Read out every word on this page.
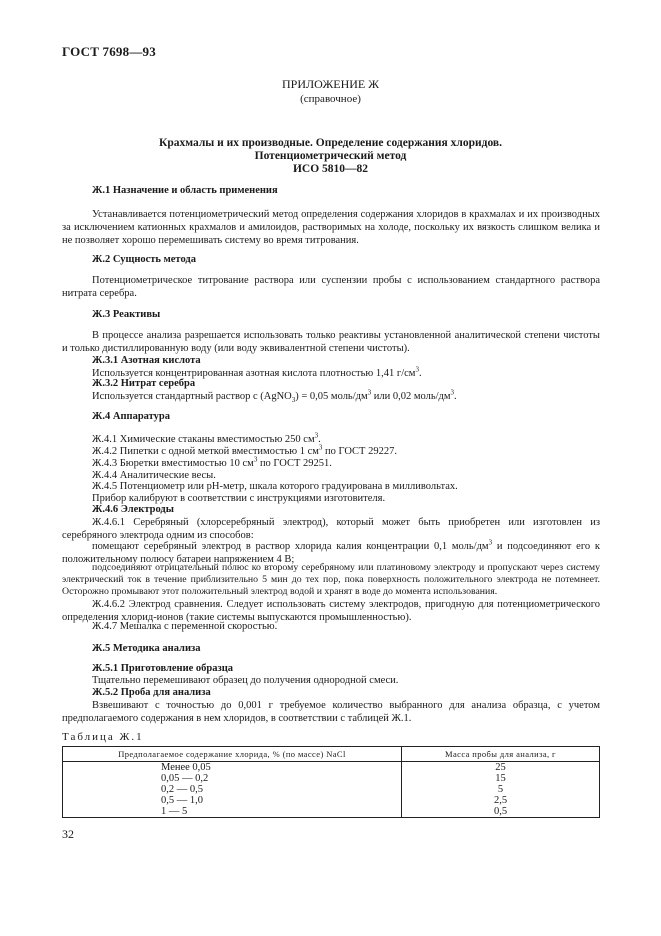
ГОСТ 7698—93
ПРИЛОЖЕНИЕ Ж
(справочное)
Крахмалы и их производные. Определение содержания хлоридов.
Потенциометрический метод
ИСО 5810—82
Ж.1 Назначение и область применения
Устанавливается потенциометрический метод определения содержания хлоридов в крахмалах и их производных за исключением катионных крахмалов и амилоидов, растворимых на холоде, поскольку их вязкость слишком велика и не позволяет хорошо перемешивать систему во время титрования.
Ж.2 Сущность метода
Потенциометрическое титрование раствора или суспензии пробы с использованием стандартного раствора нитрата серебра.
Ж.3 Реактивы
В процессе анализа разрешается использовать только реактивы установленной аналитической степени чистоты и только дистиллированную воду (или воду эквивалентной степени чистоты).
Ж.3.1 Азотная кислота
Используется концентрированная азотная кислота плотностью 1,41 $г/см^3$.
Ж.3.2 Нитрат серебра
Используется стандартный раствор c (AgNO$_3$) = 0,05 моль/$дм^3$ или 0,02 моль/$дм^3$.
Ж.4 Аппаратура
Ж.4.1 Химические стаканы вместимостью 250 $см^3$.
Ж.4.2 Пипетки с одной меткой вместимостью 1 $см^3$ по ГОСТ 29227.
Ж.4.3 Бюретки вместимостью 10 $см^3$ по ГОСТ 29251.
Ж.4.4 Аналитические весы.
Ж.4.5 Потенциометр или рН-метр, шкала которого градуирована в милливольтах.
Прибор калибруют в соответствии с инструкциями изготовителя.
Ж.4.6 Электроды
Ж.4.6.1 Серебряный (хлорсеребряный электрод), который может быть приобретен или изготовлен из серебряного электрода одним из способов:
помещают серебряный электрод в раствор хлорида калия концентрации 0,1 моль/$дм^3$ и подсоединяют его к положительному полюсу батареи напряжением 4 В;
подсоединяют отрицательный полюс ко второму серебряному или платиновому электроду и пропускают через систему электрический ток в течение приблизительно 5 мин до тех пор, пока поверхность положительного электрода не потемнеет. Осторожно промывают этот положительный электрод водой и хранят в воде до момента использования.
Ж.4.6.2 Электрод сравнения. Следует использовать систему электродов, пригодную для потенциометрического определения хлорид-ионов (такие системы выпускаются промышленностью).
Ж.4.7 Мешалка с переменной скоростью.
Ж.5 Методика анализа
Ж.5.1 Приготовление образца
Тщательно перемешивают образец до получения однородной смеси.
Ж.5.2 Проба для анализа
Взвешивают с точностью до 0,001 г требуемое количество выбранного для анализа образца, с учетом предполагаемого содержания в нем хлоридов, в соответствии с таблицей Ж.1.
Таблица Ж.1
Предполагаемое содержание хлорида, % (по массе) NaCl	Масса пробы для анализа, г
Менее 0,05	25
0,05 — 0,2	15
0,2 — 0,5	5
0,5 — 1,0	2,5
1 — 5	0,5
32
